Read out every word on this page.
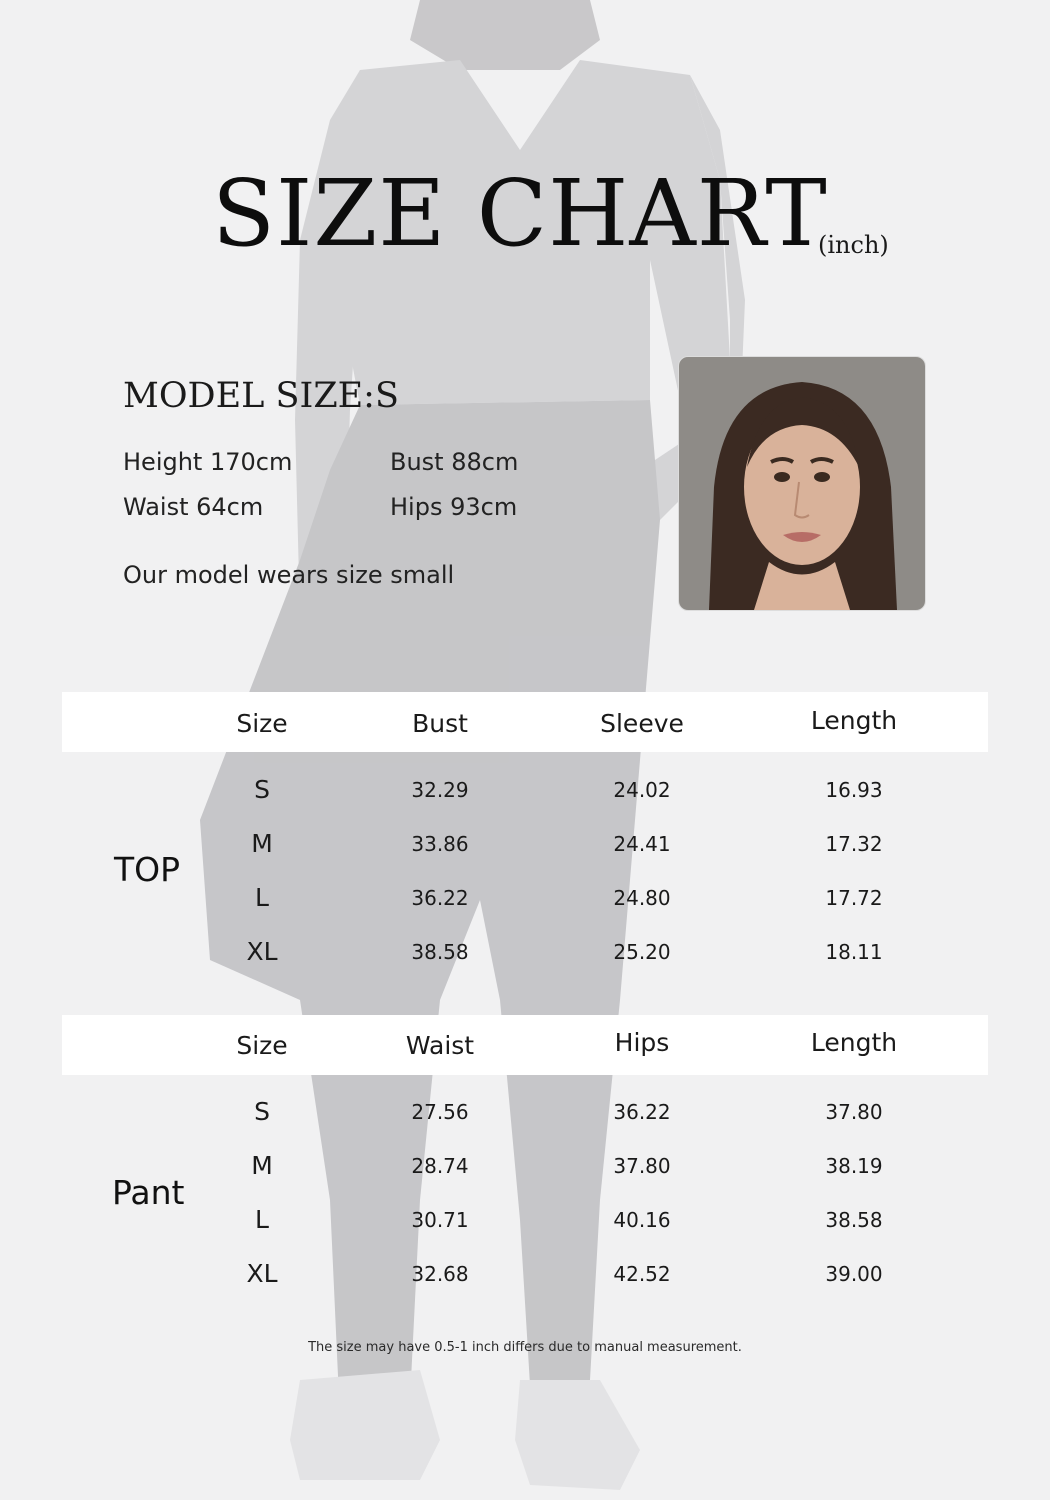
SIZE CHART
(inch)
MODEL SIZE:S
Height 170cm	Bust 88cm
Waist 64cm	Hips 93cm
Our model wears size small
Size	Bust	Sleeve	Length
TOP
S	32.29	24.02	16.93
M	33.86	24.41	17.32
L	36.22	24.80	17.72
XL	38.58	25.20	18.11
Size	Waist	Hips	Length
Pant
S	27.56	36.22	37.80
M	28.74	37.80	38.19
L	30.71	40.16	38.58
XL	32.68	42.52	39.00
The size may have 0.5-1 inch differs due to manual measurement.
